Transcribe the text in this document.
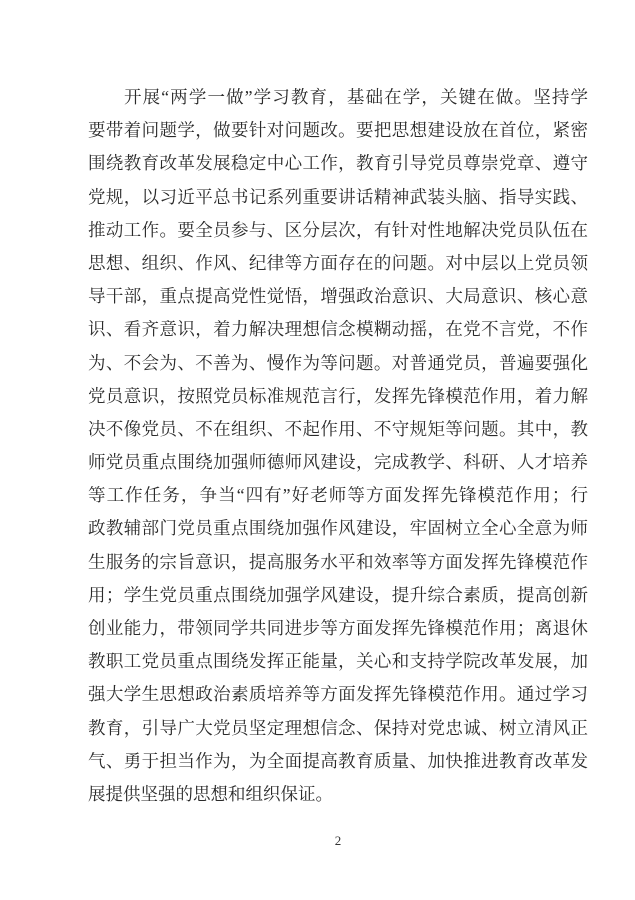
开展“两学一做”学习教育，基础在学，关键在做。坚持学
要带着问题学，做要针对问题改。要把思想建设放在首位，紧密
围绕教育改革发展稳定中心工作，教育引导党员尊崇党章、遵守
党规，以习近平总书记系列重要讲话精神武装头脑、指导实践、
推动工作。要全员参与、区分层次，有针对性地解决党员队伍在
思想、组织、作风、纪律等方面存在的问题。对中层以上党员领
导干部，重点提高党性觉悟，增强政治意识、大局意识、核心意
识、看齐意识，着力解决理想信念模糊动摇，在党不言党，不作
为、不会为、不善为、慢作为等问题。对普通党员，普遍要强化
党员意识，按照党员标准规范言行，发挥先锋模范作用，着力解
决不像党员、不在组织、不起作用、不守规矩等问题。其中，教
师党员重点围绕加强师德师风建设，完成教学、科研、人才培养
等工作任务，争当“四有”好老师等方面发挥先锋模范作用；行
政教辅部门党员重点围绕加强作风建设，牢固树立全心全意为师
生服务的宗旨意识，提高服务水平和效率等方面发挥先锋模范作
用；学生党员重点围绕加强学风建设，提升综合素质，提高创新
创业能力，带领同学共同进步等方面发挥先锋模范作用；离退休
教职工党员重点围绕发挥正能量，关心和支持学院改革发展，加
强大学生思想政治素质培养等方面发挥先锋模范作用。通过学习
教育，引导广大党员坚定理想信念、保持对党忠诚、树立清风正
气、勇于担当作为，为全面提高教育质量、加快推进教育改革发
展提供坚强的思想和组织保证。
2
